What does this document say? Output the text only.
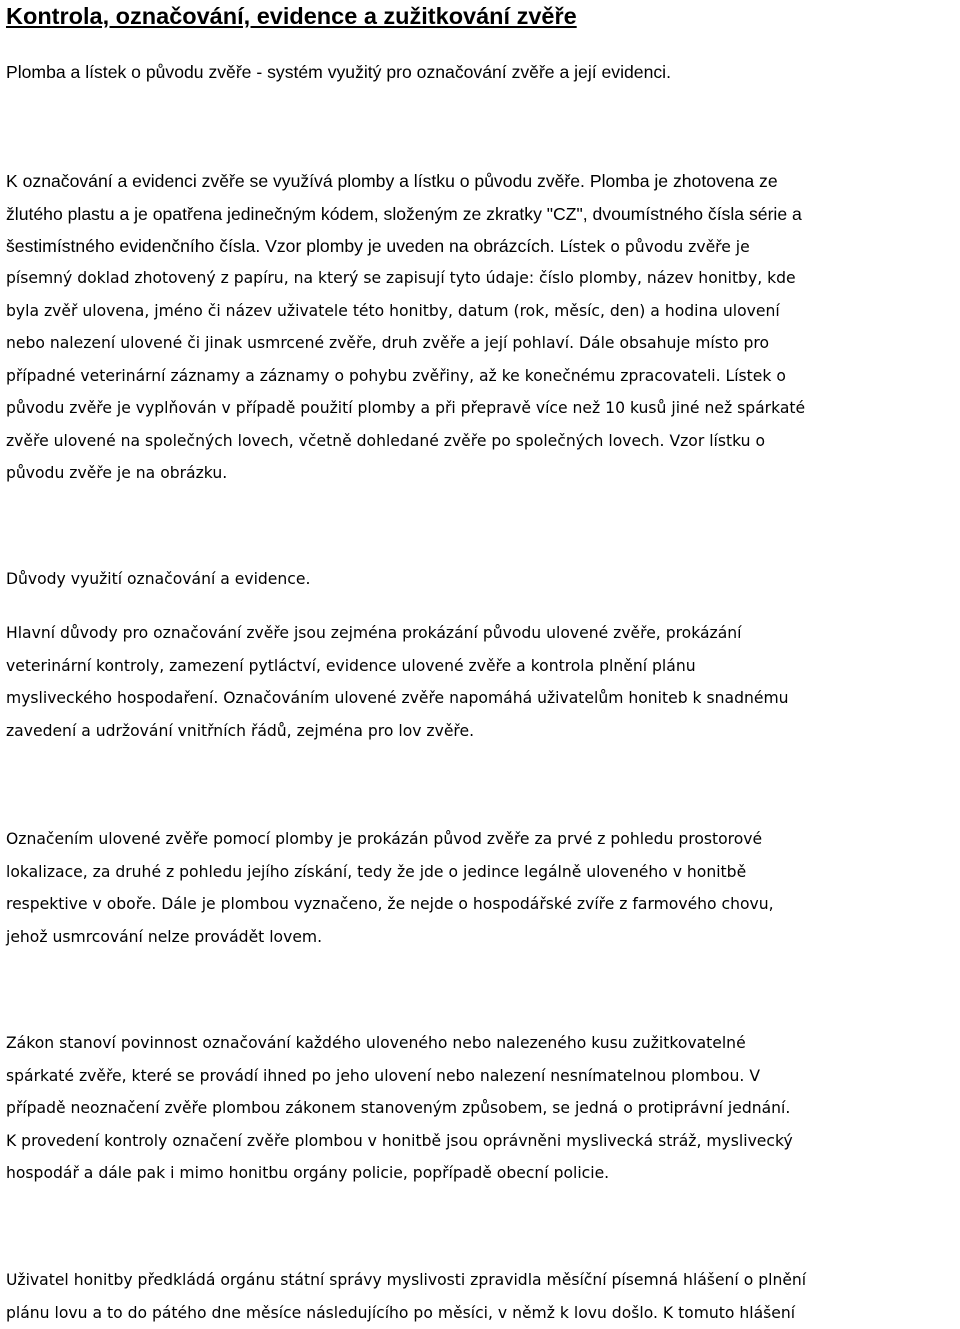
Kontrola, označování, evidence a zužitkování zvěře

Plomba a lístek o původu zvěře - systém využitý pro označování zvěře a její evidenci.

K označování a evidenci zvěře se využívá plomby a lístku o původu zvěře. Plomba je zhotovena ze
žlutého plastu a je opatřena jedinečným kódem, složeným ze zkratky "CZ", dvoumístného čísla série a
šestimístného evidenčního čísla. Vzor plomby je uveden na obrázcích. Lístek o původu zvěře je
písemný doklad zhotovený z papíru, na který se zapisují tyto údaje: číslo plomby, název honitby, kde
byla zvěř ulovena, jméno či název uživatele této honitby, datum (rok, měsíc, den) a hodina ulovení
nebo nalezení ulovené či jinak usmrcené zvěře, druh zvěře a její pohlaví. Dále obsahuje místo pro
případné veterinární záznamy a záznamy o pohybu zvěřiny, až ke konečnému zpracovateli. Lístek o
původu zvěře je vyplňován v případě použití plomby a při přepravě více než 10 kusů jiné než spárkaté
zvěře ulovené na společných lovech, včetně dohledané zvěře po společných lovech. Vzor lístku o
původu zvěře je na obrázku.
Důvody využití označování a evidence.
Hlavní důvody pro označování zvěře jsou zejména prokázání původu ulovené zvěře, prokázání
veterinární kontroly, zamezení pytláctví, evidence ulovené zvěře a kontrola plnění plánu
mysliveckého hospodaření. Označováním ulovené zvěře napomáhá uživatelům honiteb k snadnému
zavedení a udržování vnitřních řádů, zejména pro lov zvěře.
Označením ulovené zvěře pomocí plomby je prokázán původ zvěře za prvé z pohledu prostorové
lokalizace, za druhé z pohledu jejího získání, tedy že jde o jedince legálně uloveného v honitbě
respektive v oboře. Dále je plombou vyznačeno, že nejde o hospodářské zvíře z farmového chovu,
jehož usmrcování nelze provádět lovem.
Zákon stanoví povinnost označování každého uloveného nebo nalezeného kusu zužitkovatelné
spárkaté zvěře, které se provádí ihned po jeho ulovení nebo nalezení nesnímatelnou plombou. V
případě neoznačení zvěře plombou zákonem stanoveným způsobem, se jedná o protiprávní jednání.
K provedení kontroly označení zvěře plombou v honitbě jsou oprávněni myslivecká stráž, myslivecký
hospodář a dále pak i mimo honitbu orgány policie, popřípadě obecní policie.
Uživatel honitby předkládá orgánu státní správy myslivosti zpravidla měsíční písemná hlášení o plnění
plánu lovu a to do pátého dne měsíce následujícího po měsíci, v němž k lovu došlo. K tomuto hlášení
